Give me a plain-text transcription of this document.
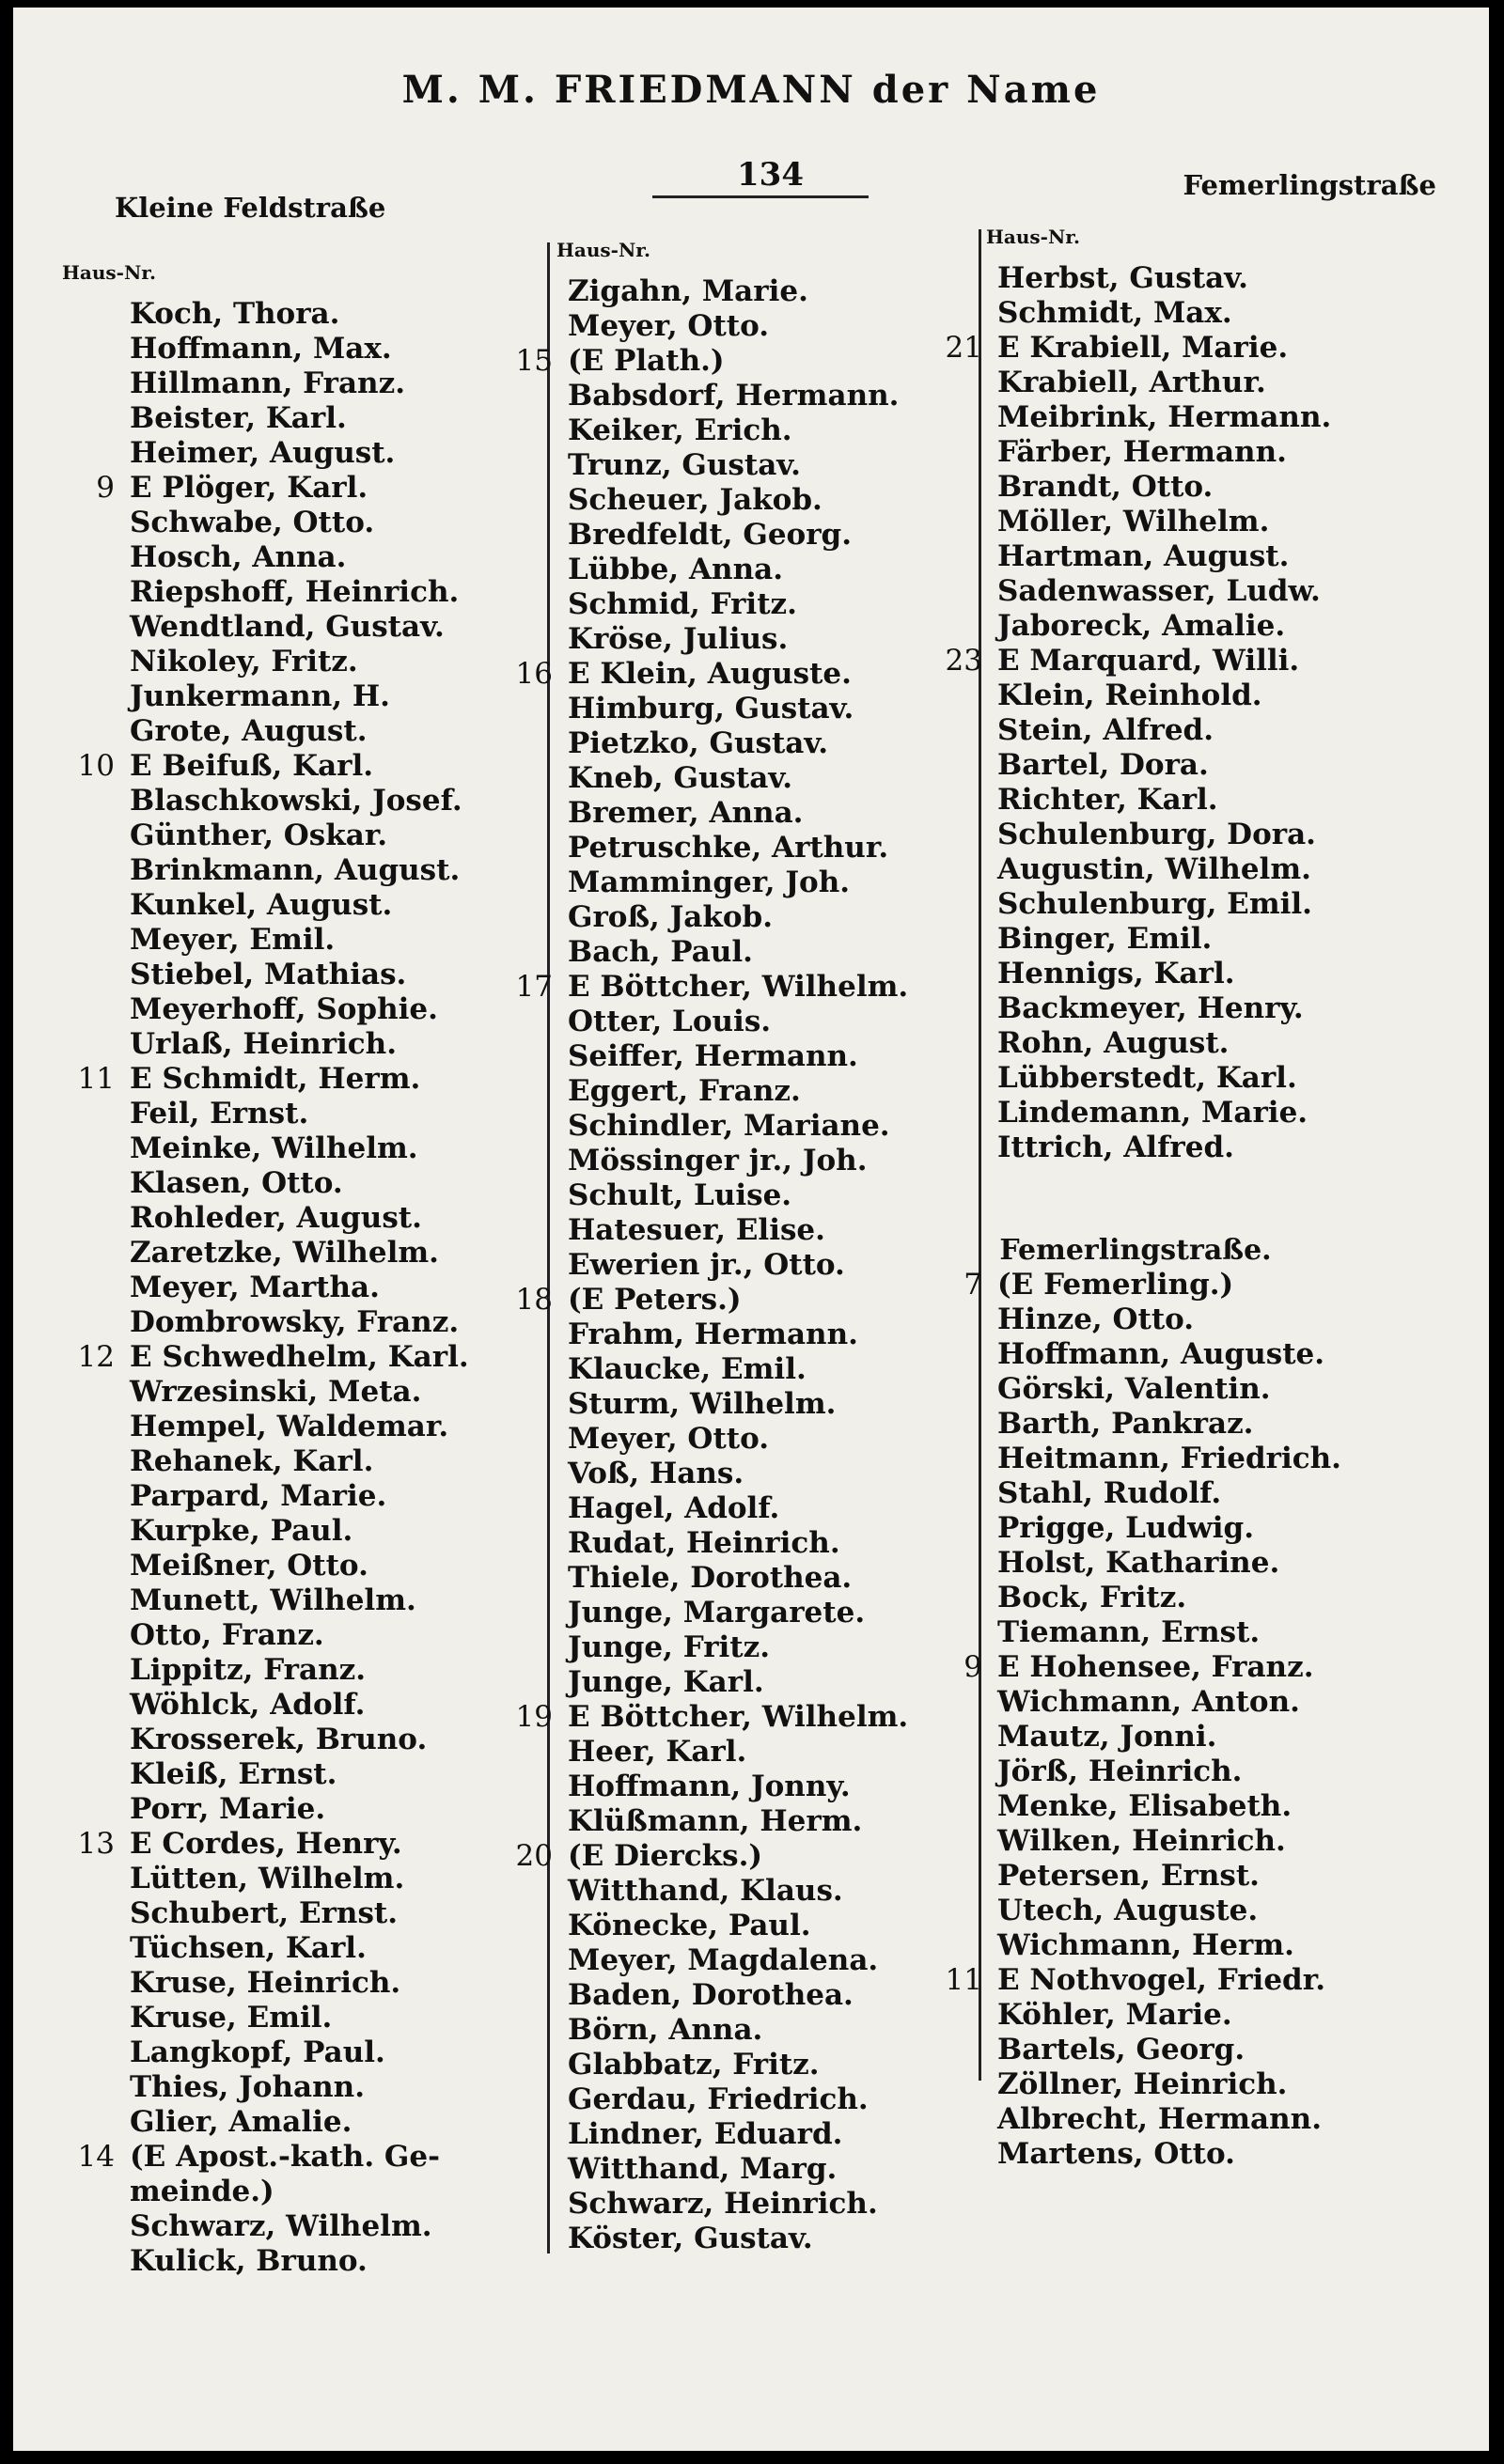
M. M. FRIEDMANN der Name
134
Kleine Feldstraße
Femerlingstraße
Haus-Nr.
Koch, Thora.
Hoffmann, Max.
Hillmann, Franz.
Beister, Karl.
Heimer, August.
9 E Plöger, Karl.
Schwabe, Otto.
Hosch, Anna.
Riepshoff, Heinrich.
Wendtland, Gustav.
Nikoley, Fritz.
Junkermann, H.
Grote, August.
10 E Beifuß, Karl.
Blaschkowski, Josef.
Günther, Oskar.
Brinkmann, August.
Kunkel, August.
Meyer, Emil.
Stiebel, Mathias.
Meyerhoff, Sophie.
Urlaß, Heinrich.
11 E Schmidt, Herm.
Feil, Ernst.
Meinke, Wilhelm.
Klasen, Otto.
Rohleder, August.
Zaretzke, Wilhelm.
Meyer, Martha.
Dombrowsky, Franz.
12 E Schwedhelm, Karl.
Wrzesinski, Meta.
Hempel, Waldemar.
Rehanek, Karl.
Parpard, Marie.
Kurpke, Paul.
Meißner, Otto.
Munett, Wilhelm.
Otto, Franz.
Lippitz, Franz.
Wöhlck, Adolf.
Krosserek, Bruno.
Kleiß, Ernst.
Porr, Marie.
13 E Cordes, Henry.
Lütten, Wilhelm.
Schubert, Ernst.
Tüchsen, Karl.
Kruse, Heinrich.
Kruse, Emil.
Langkopf, Paul.
Thies, Johann.
Glier, Amalie.
14 (E Apost.-kath. Ge-
meinde.)
Schwarz, Wilhelm.
Kulick, Bruno.
Haus-Nr.
Zigahn, Marie.
Meyer, Otto.
15 (E Plath.)
Babsdorf, Hermann.
Keiker, Erich.
Trunz, Gustav.
Scheuer, Jakob.
Bredfeldt, Georg.
Lübbe, Anna.
Schmid, Fritz.
Kröse, Julius.
16 E Klein, Auguste.
Himburg, Gustav.
Pietzko, Gustav.
Kneb, Gustav.
Bremer, Anna.
Petruschke, Arthur.
Mamminger, Joh.
Groß, Jakob.
Bach, Paul.
17 E Böttcher, Wilhelm.
Otter, Louis.
Seiffer, Hermann.
Eggert, Franz.
Schindler, Mariane.
Mössinger jr., Joh.
Schult, Luise.
Hatesuer, Elise.
Ewerien jr., Otto.
18 (E Peters.)
Frahm, Hermann.
Klaucke, Emil.
Sturm, Wilhelm.
Meyer, Otto.
Voß, Hans.
Hagel, Adolf.
Rudat, Heinrich.
Thiele, Dorothea.
Junge, Margarete.
Junge, Fritz.
Junge, Karl.
19 E Böttcher, Wilhelm.
Heer, Karl.
Hoffmann, Jonny.
Klüßmann, Herm.
20 (E Diercks.)
Witthand, Klaus.
Könecke, Paul.
Meyer, Magdalena.
Baden, Dorothea.
Börn, Anna.
Glabbatz, Fritz.
Gerdau, Friedrich.
Lindner, Eduard.
Witthand, Marg.
Schwarz, Heinrich.
Köster, Gustav.
Haus-Nr.
Herbst, Gustav.
Schmidt, Max.
21 E Krabiell, Marie.
Krabiell, Arthur.
Meibrink, Hermann.
Färber, Hermann.
Brandt, Otto.
Möller, Wilhelm.
Hartman, August.
Sadenwasser, Ludw.
Jaboreck, Amalie.
23 E Marquard, Willi.
Klein, Reinhold.
Stein, Alfred.
Bartel, Dora.
Richter, Karl.
Schulenburg, Dora.
Augustin, Wilhelm.
Schulenburg, Emil.
Binger, Emil.
Hennigs, Karl.
Backmeyer, Henry.
Rohn, August.
Lübberstedt, Karl.
Lindemann, Marie.
Ittrich, Alfred.
Femerlingstraße.
7 (E Femerling.)
Hinze, Otto.
Hoffmann, Auguste.
Görski, Valentin.
Barth, Pankraz.
Heitmann, Friedrich.
Stahl, Rudolf.
Prigge, Ludwig.
Holst, Katharine.
Bock, Fritz.
Tiemann, Ernst.
9 E Hohensee, Franz.
Wichmann, Anton.
Mautz, Jonni.
Jörß, Heinrich.
Menke, Elisabeth.
Wilken, Heinrich.
Petersen, Ernst.
Utech, Auguste.
Wichmann, Herm.
11 E Nothvogel, Friedr.
Köhler, Marie.
Bartels, Georg.
Zöllner, Heinrich.
Albrecht, Hermann.
Martens, Otto.
